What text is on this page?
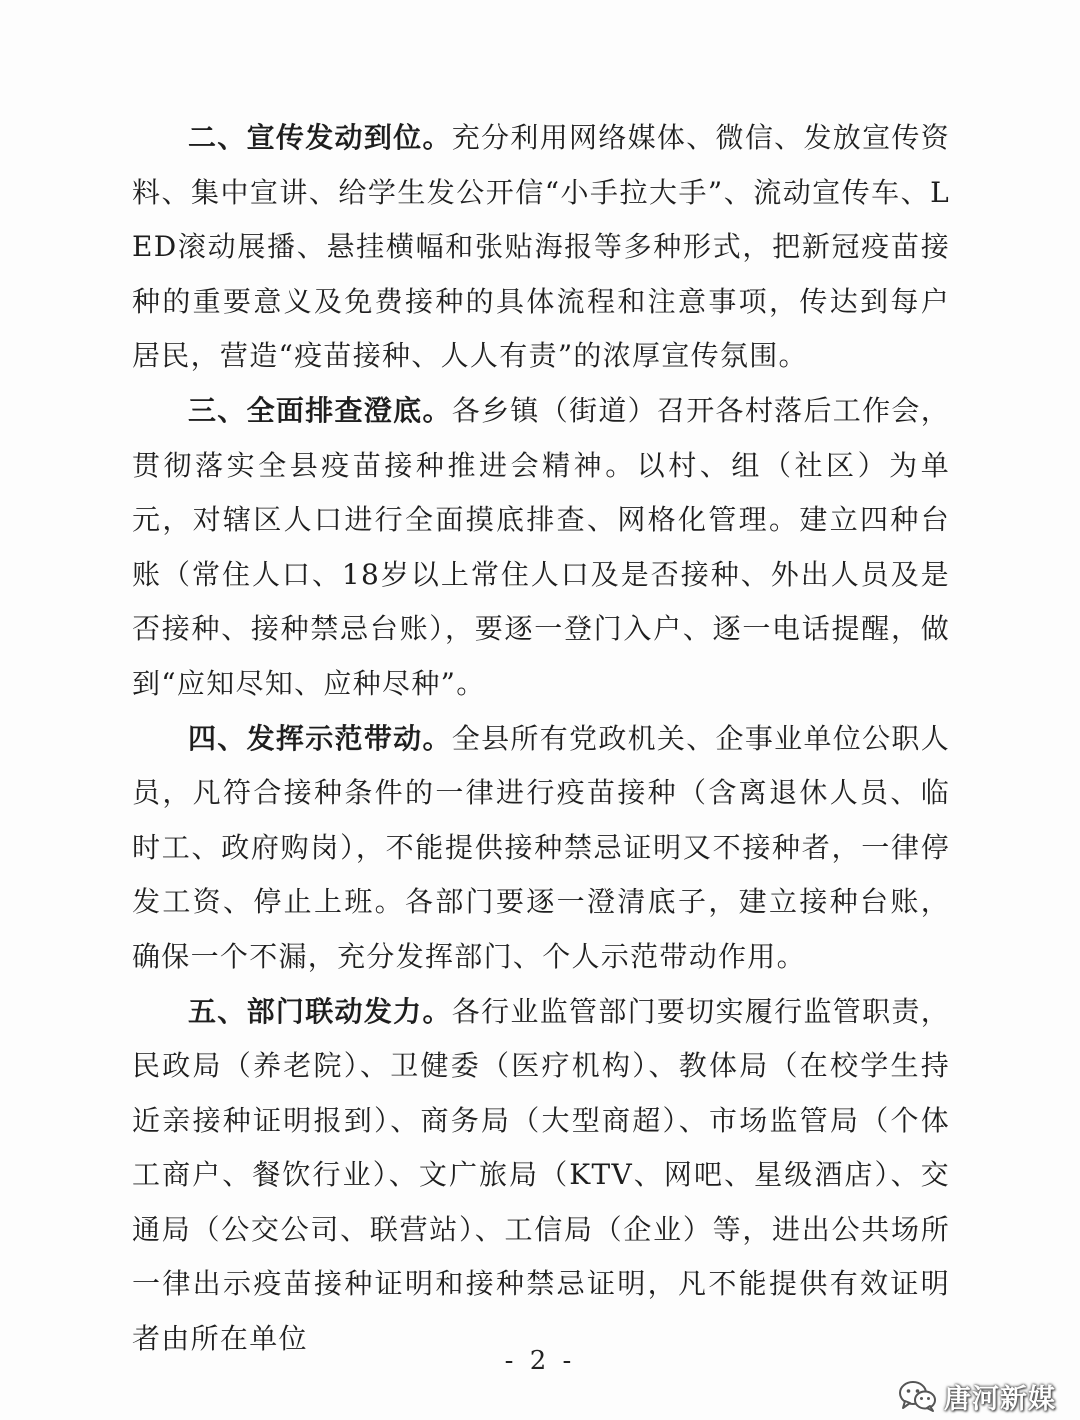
二、宣传发动到位。充分利用网络媒体、微信、发放宣传资料、集中宣讲、给学生发公开信“小手拉大手”、流动宣传车、LED滚动展播、悬挂横幅和张贴海报等多种形式，把新冠疫苗接种的重要意义及免费接种的具体流程和注意事项，传达到每户居民，营造“疫苗接种、人人有责”的浓厚宣传氛围。

三、全面排查澄底。各乡镇（街道）召开各村落后工作会，贯彻落实全县疫苗接种推进会精神。以村、组（社区）为单元，对辖区人口进行全面摸底排查、网格化管理。建立四种台账（常住人口、18岁以上常住人口及是否接种、外出人员及是否接种、接种禁忌台账），要逐一登门入户、逐一电话提醒，做到“应知尽知、应种尽种”。

四、发挥示范带动。全县所有党政机关、企事业单位公职人员，凡符合接种条件的一律进行疫苗接种（含离退休人员、临时工、政府购岗），不能提供接种禁忌证明又不接种者，一律停发工资、停止上班。各部门要逐一澄清底子，建立接种台账，确保一个不漏，充分发挥部门、个人示范带动作用。

五、部门联动发力。各行业监管部门要切实履行监管职责，民政局（养老院）、卫健委（医疗机构）、教体局（在校学生持近亲接种证明报到）、商务局（大型商超）、市场监管局（个体工商户、餐饮行业）、文广旅局（KTV、网吧、星级酒店）、交通局（公交公司、联营站）、工信局（企业）等，进出公共场所一律出示疫苗接种证明和接种禁忌证明，凡不能提供有效证明者由所在单位

- 2 -
唐河新媒
